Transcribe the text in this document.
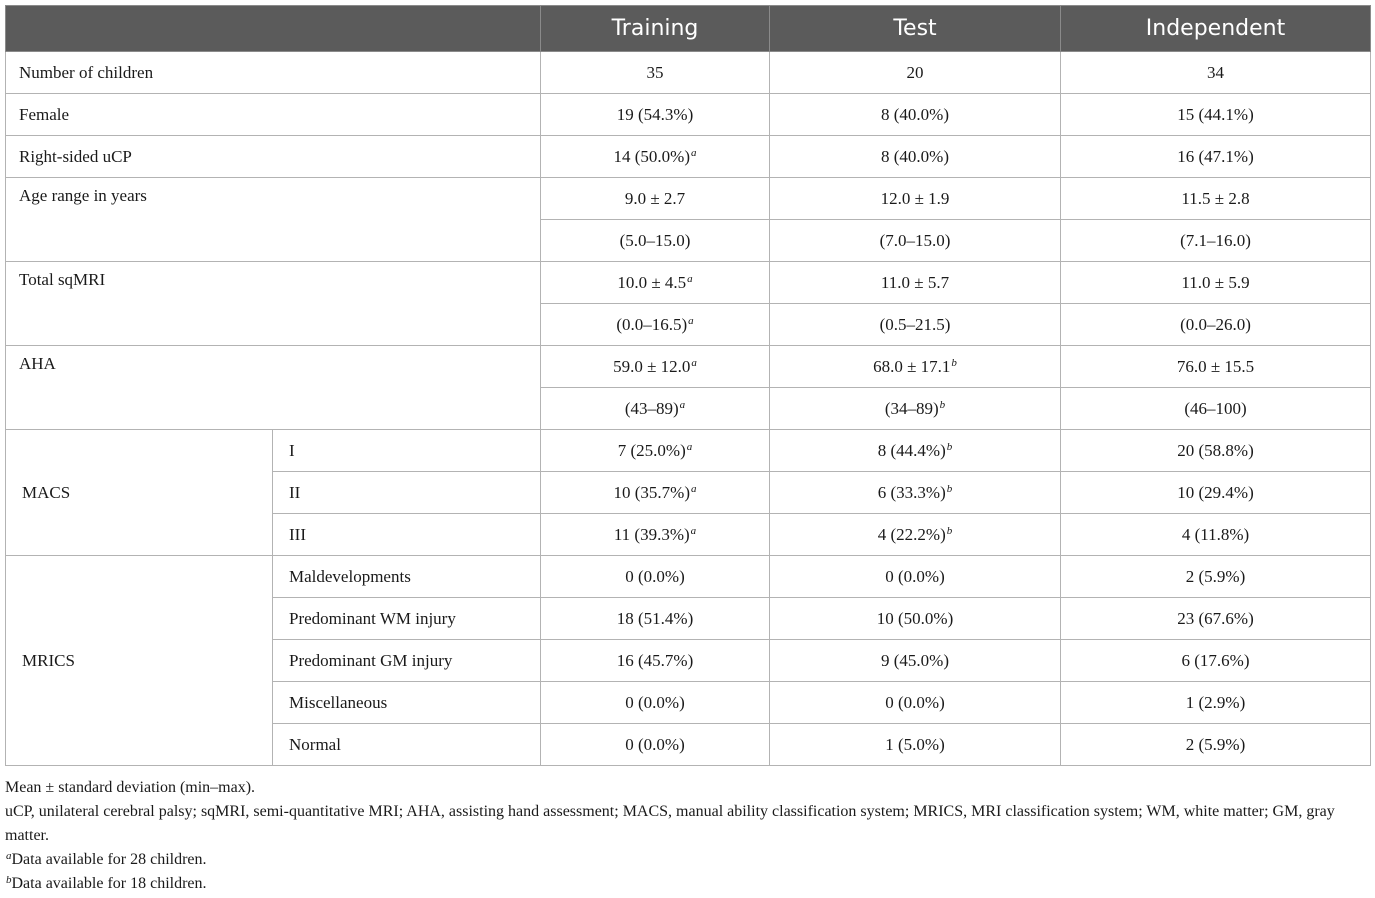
		Training	Test	Independent
Number of children		35	20	34
Female		19 (54.3%)	8 (40.0%)	15 (44.1%)
Right-sided uCP		14 $(50.0\%)^a$	8 (40.0%)	16 (47.1%)
Age range in years		9.0 ± 2.7	12.0 ± 1.9	11.5 ± 2.8
		(5.0–15.0)	(7.0–15.0)	(7.1–16.0)
Total sqMRI		10.0 ± 4.5$^a$	11.0 ± 5.7	11.0 ± 5.9
		$(0.0-16.5)^a$	(0.5–21.5)	(0.0–26.0)
AHA		59.0 ± 12.0$^a$	68.0 ± 17.1$^b$	76.0 ± 15.5
		$(43-89)^a$	$(34-89)^b$	(46–100)
MACS	I	7 $(25.0\%)^a$	8 $(44.4\%)^b$	20 (58.8%)
	II	10 $(35.7\%)^a$	6 $(33.3\%)^b$	10 (29.4%)
	III	11 $(39.3\%)^a$	4 $(22.2\%)^b$	4 (11.8%)
MRICS	Maldevelopments	0 (0.0%)	0 (0.0%)	2 (5.9%)
	Predominant WM injury	18 (51.4%)	10 (50.0%)	23 (67.6%)
	Predominant GM injury	16 (45.7%)	9 (45.0%)	6 (17.6%)
	Miscellaneous	0 (0.0%)	0 (0.0%)	1 (2.9%)
	Normal	0 (0.0%)	1 (5.0%)	2 (5.9%)

Mean ± standard deviation (min–max).

uCP, unilateral cerebral palsy; sqMRI, semi-quantitative MRI; AHA, assisting hand assessment; MACS, manual ability classification system; MRICS, MRI classification system; WM, white matter; GM, gray matter.

$^a$Data available for 28 children.

$^b$Data available for 18 children.
